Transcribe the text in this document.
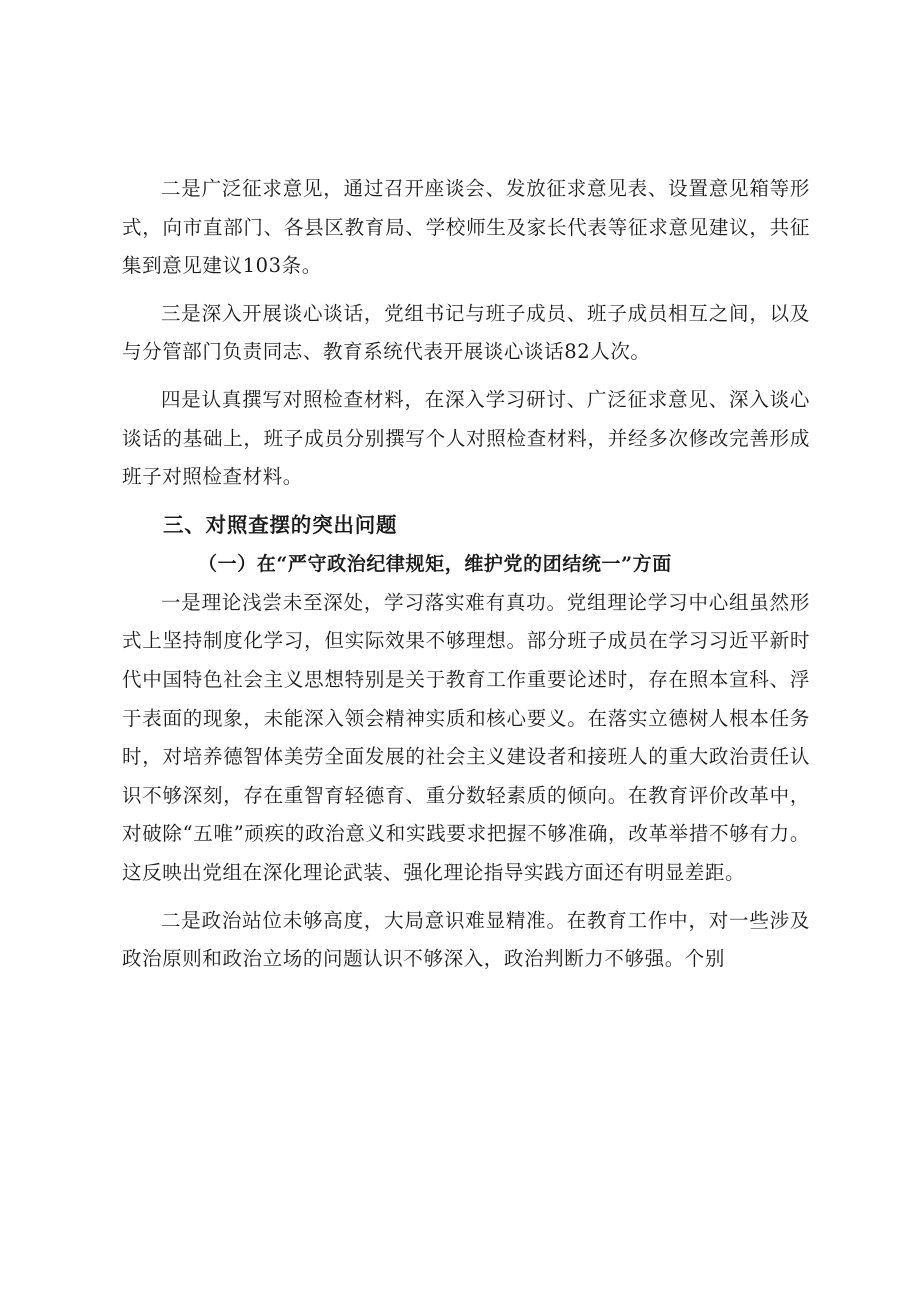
二是广泛征求意见，通过召开座谈会、发放征求意见表、设置意见箱等形式，向市直部门、各县区教育局、学校师生及家长代表等征求意见建议，共征集到意见建议103条。

三是深入开展谈心谈话，党组书记与班子成员、班子成员相互之间，以及与分管部门负责同志、教育系统代表开展谈心谈话82人次。

四是认真撰写对照检查材料，在深入学习研讨、广泛征求意见、深入谈心谈话的基础上，班子成员分别撰写个人对照检查材料，并经多次修改完善形成班子对照检查材料。

三、对照查摆的突出问题
（一）在“严守政治纪律规矩，维护党的团结统一”方面

一是理论浅尝未至深处，学习落实难有真功。党组理论学习中心组虽然形式上坚持制度化学习，但实际效果不够理想。部分班子成员在学习习近平新时代中国特色社会主义思想特别是关于教育工作重要论述时，存在照本宣科、浮于表面的现象，未能深入领会精神实质和核心要义。在落实立德树人根本任务时，对培养德智体美劳全面发展的社会主义建设者和接班人的重大政治责任认识不够深刻，存在重智育轻德育、重分数轻素质的倾向。在教育评价改革中，对破除“五唯”顽疾的政治意义和实践要求把握不够准确，改革举措不够有力。这反映出党组在深化理论武装、强化理论指导实践方面还有明显差距。

二是政治站位未够高度，大局意识难显精准。在教育工作中，对一些涉及政治原则和政治立场的问题认识不够深入，政治判断力不够强。个别
